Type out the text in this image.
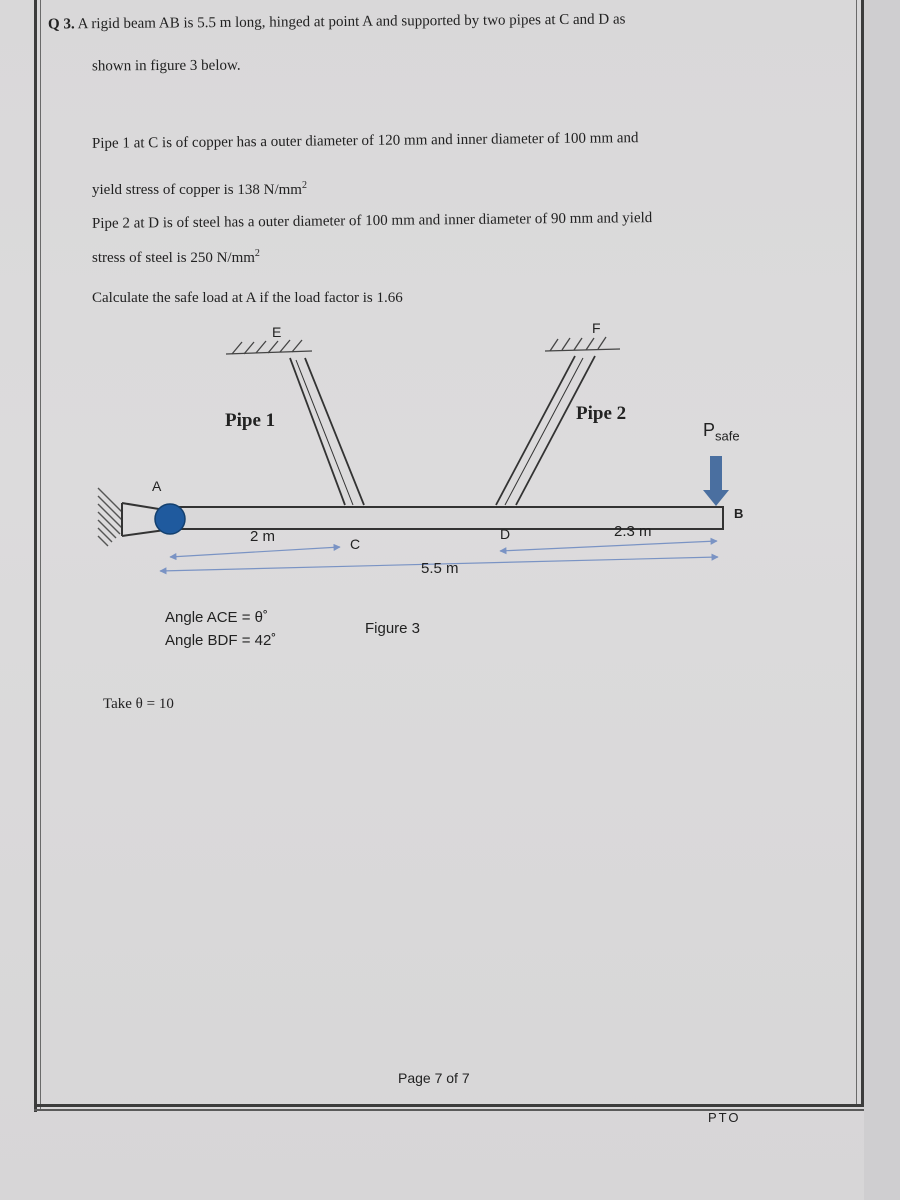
Q 3. A rigid beam AB is 5.5 m long, hinged at point A and supported by two pipes at C and D as
shown in figure 3 below.
Pipe 1 at C is of copper has a outer diameter of 120 mm and inner diameter of 100 mm and
yield stress of copper is 138 $N/mm^2$
Pipe 2 at D is of steel has a outer diameter of 100 mm and inner diameter of 90 mm and yield
stress of steel is 250 $N/mm^2$
Calculate the safe load at A if the load factor is 1.66
E	F
Pipe 1	Pipe 2
$P_{safe}$
A
B
C
D
2 m	2.3 m
5.5 m
Angle ACE = θ˚
Angle BDF = 42˚
Figure 3
Take θ = 10
Page 7 of 7
PTO
